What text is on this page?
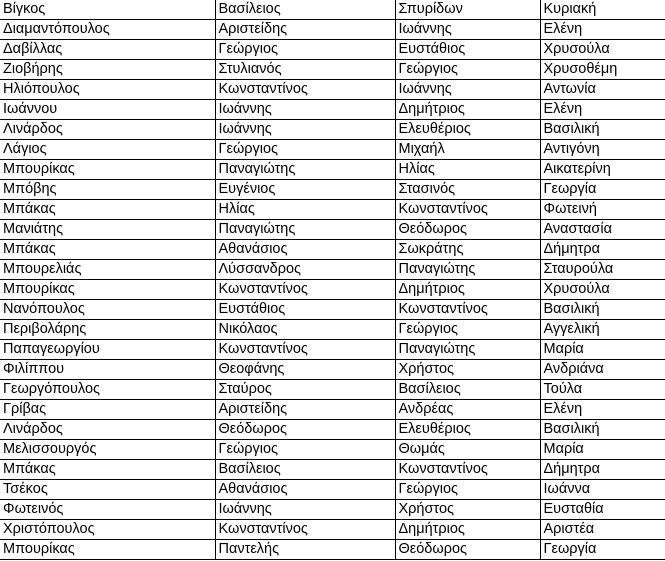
Βίγκος	Βασίλειος	Σπυρίδων	Κυριακή
Διαμαντόπουλος	Αριστείδης	Ιωάννης	Ελένη
Δαβίλλας	Γεώργιος	Ευστάθιος	Χρυσούλα
Ζιοβήρης	Στυλιανός	Γεώργιος	Χρυσοθέμη
Ηλιόπουλος	Κωνσταντίνος	Ιωάννης	Αντωνία
Ιωάννου	Ιωάννης	Δημήτριος	Ελένη
Λινάρδος	Ιωάννης	Ελευθέριος	Βασιλική
Λάγιος	Γεώργιος	Μιχαήλ	Αντιγόνη
Μπουρίκας	Παναγιώτης	Ηλίας	Αικατερίνη
Μπόβης	Ευγένιος	Στασινός	Γεωργία
Μπάκας	Ηλίας	Κωνσταντίνος	Φωτεινή
Μανιάτης	Παναγιώτης	Θεόδωρος	Αναστασία
Μπάκας	Αθανάσιος	Σωκράτης	Δήμητρα
Μπουρελιάς	Λύσσανδρος	Παναγιώτης	Σταυρούλα
Μπουρίκας	Κωνσταντίνος	Δημήτριος	Χρυσούλα
Νανόπουλος	Ευστάθιος	Κωνσταντίνος	Βασιλική
Περιβολάρης	Νικόλαος	Γεώργιος	Αγγελική
Παπαγεωργίου	Κωνσταντίνος	Παναγιώτης	Μαρία
Φιλίππου	Θεοφάνης	Χρήστος	Ανδριάνα
Γεωργόπουλος	Σταύρος	Βασίλειος	Τούλα
Γρίβας	Αριστείδης	Ανδρέας	Ελένη
Λινάρδος	Θεόδωρος	Ελευθέριος	Βασιλική
Μελισσουργός	Γεώργιος	Θωμάς	Μαρία
Μπάκας	Βασίλειος	Κωνσταντίνος	Δήμητρα
Τσέκος	Αθανάσιος	Γεώργιος	Ιωάννα
Φωτεινός	Ιωάννης	Χρήστος	Ευσταθία
Χριστόπουλος	Κωνσταντίνος	Δημήτριος	Αριστέα
Μπουρίκας	Παντελής	Θεόδωρος	Γεωργία
